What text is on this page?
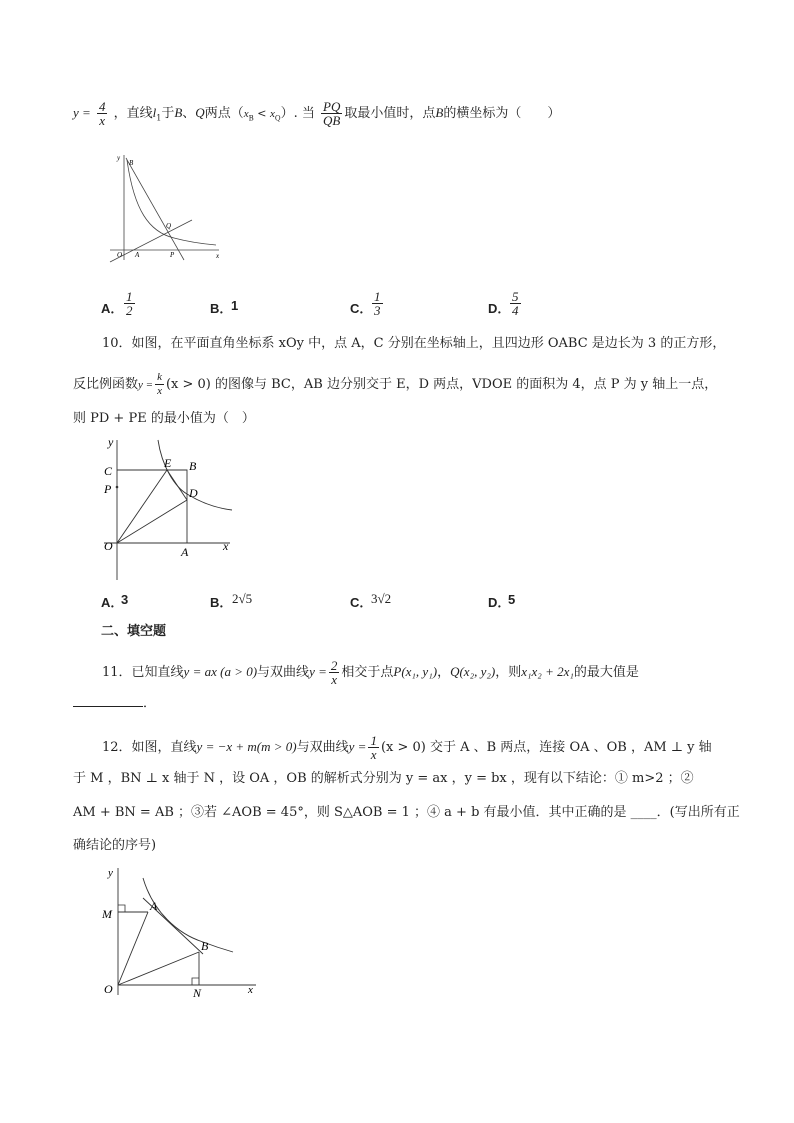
$y = \frac{4}{x}$ ，直线$l_1$于B、Q两点$(x_B < x_Q)$. 当 $\frac{PQ}{QB}$ 取最小值时，点B的横坐标为（　　）
y
B
Q
O A	P	x
A． $\frac{1}{2}$	B．
1	C． $\frac{1}{3}$	D． $\frac{5}{4}$
10．如图，在平面直角坐标系 xOy 中，点 A，C 分别在坐标轴上，且四边形 OABC 是边长为 3 的正方形，
反比例函数$y = \frac{k}{x} (x > 0)$ 的图像与 BC，AB 边分别交于 E，D 两点，VDOE 的面积为 4，点 P 为 y 轴上一点，
则 PD + PE 的最小值为（　）
y
C
P
O
E B
D
A	x
A．
3	B． 2√5	C．
3√2	D．
5
二、填空题
11．已知直线y = ax (a > 0)与双曲线$y = \frac{2}{x}$ 相交于点P(x₁, y₁)，Q(x₂, y₂)，则x₁x₂ + 2x₁的最大值是
．
12．如图，直线y = −x + m(m > 0)与双曲线$y = \frac{1}{x} (x > 0)$ 交于 A 、B 两点，连接 OA 、OB ，AM ⊥ y 轴
于 M ，BN ⊥ x 轴于 N ，设 OA ，OB 的解析式分别为 y = ax ，y = bx ，现有以下结论：① m>2 ；②
AM + BN = AB ；③若 ∠AOB = 45°，则 S△AOB = 1 ；④ a + b 有最小值．其中正确的是 ____．(写出所有正
确结论的序号)
y
M
A
B
O	N	x
